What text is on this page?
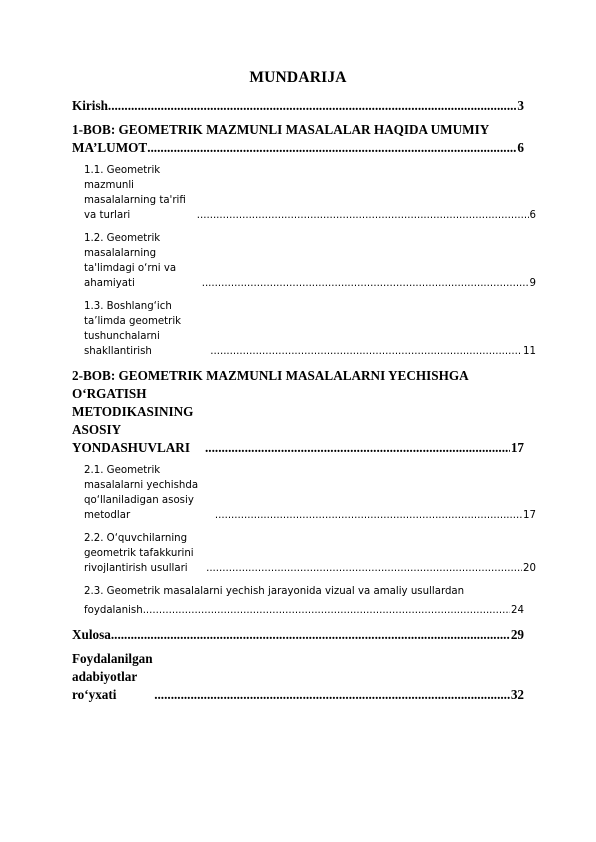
MUNDARIJA
Kirish .....	3
1-BOB: GEOMETRIK MAZMUNLI MASALALAR HAQIDA UMUMIY
MA’LUMOT .....	6
1.1. Geometrik mazmunli masalalarning ta'rifi va turlari .....	6
1.2. Geometrik masalalarning ta'limdagi o‘rni va ahamiyati .....	9
1.3. Boshlang‘ich ta’limda geometrik tushunchalarni shakllantirish .....	11
2-BOB: GEOMETRIK MAZMUNLI MASALALARNI YECHISHGA
O‘RGATISH METODIKASINING ASOSIY YONDASHUVLARI .....	17
2.1. Geometrik masalalarni yechishda qo‘llaniladigan asosiy metodlar .....	17
2.2. O‘quvchilarning geometrik tafakkurini rivojlantirish usullari .....	20
2.3. Geometrik masalalarni yechish jarayonida vizual va amaliy usullardan
foydalanish .....	24
Xulosa .....	29
Foydalanilgan adabiyotlar ro‘yxati .....	32
